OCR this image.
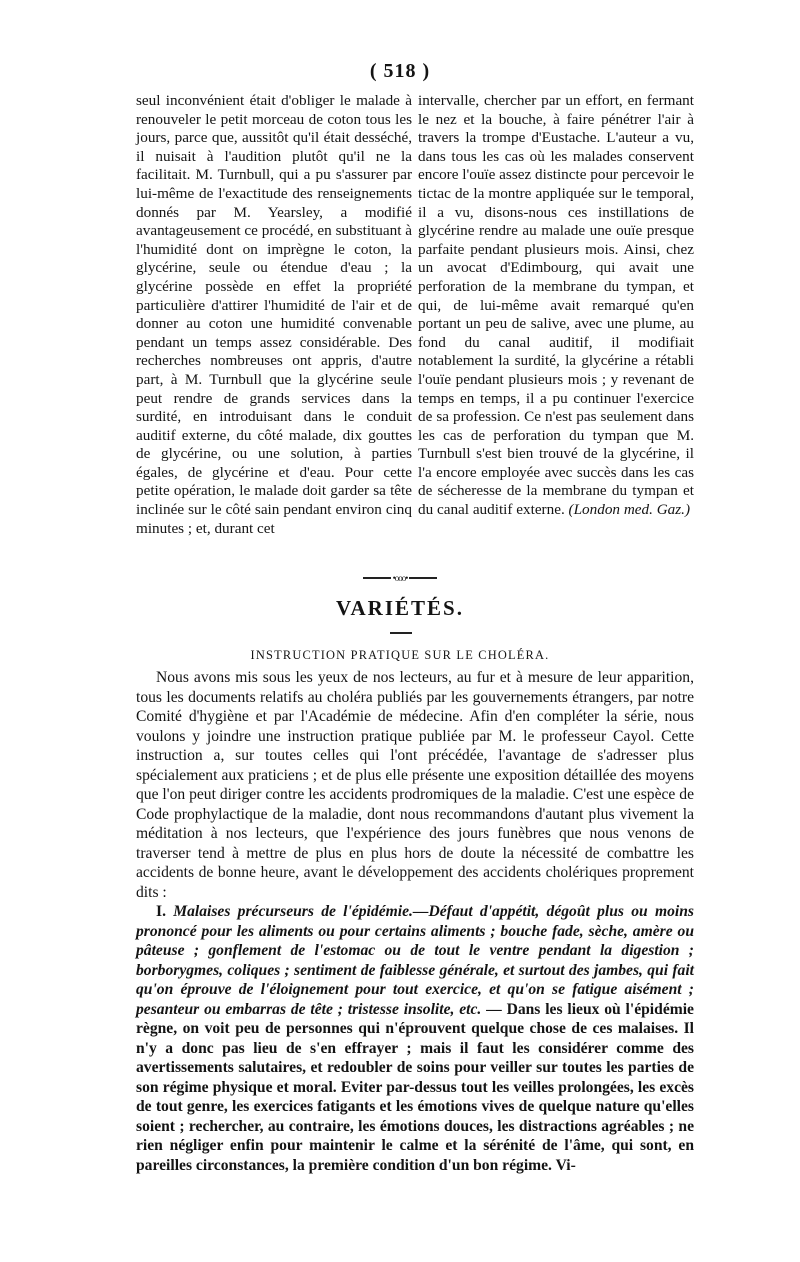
( 518 )

seul inconvénient était d'obliger le malade à renouveler le petit morceau de coton tous les jours, parce que, aussitôt qu'il était desséché, il nuisait à l'audition plutôt qu'il ne la facilitait. M. Turnbull, qui a pu s'assurer par lui-même de l'exactitude des renseignements donnés par M. Yearsley, a modifié avantageusement ce procédé, en substituant à l'humidité dont on imprègne le coton, la glycérine, seule ou étendue d'eau ; la glycérine possède en effet la propriété particulière d'attirer l'humidité de l'air et de donner au coton une humidité convenable pendant un temps assez considérable. Des recherches nombreuses ont appris, d'autre part, à M. Turnbull que la glycérine seule peut rendre de grands services dans la surdité, en introduisant dans le conduit auditif externe, du côté malade, dix gouttes de glycérine, ou une solution, à parties égales, de glycérine et d'eau. Pour cette petite opération, le malade doit garder sa tête inclinée sur le côté sain pendant environ cinq minutes ; et, durant cet

intervalle, chercher par un effort, en fermant le nez et la bouche, à faire pénétrer l'air à travers la trompe d'Eustache. L'auteur a vu, dans tous les cas où les malades conservent encore l'ouïe assez distincte pour percevoir le tictac de la montre appliquée sur le temporal, il a vu, disons-nous ces instillations de glycérine rendre au malade une ouïe presque parfaite pendant plusieurs mois. Ainsi, chez un avocat d'Edimbourg, qui avait une perforation de la membrane du tympan, et qui, de lui-même avait remarqué qu'en portant un peu de salive, avec une plume, au fond du canal auditif, il modifiait notablement la surdité, la glycérine a rétabli l'ouïe pendant plusieurs mois ; y revenant de temps en temps, il a pu continuer l'exercice de sa profession. Ce n'est pas seulement dans les cas de perforation du tympan que M. Turnbull s'est bien trouvé de la glycérine, il l'a encore employée avec succès dans les cas de sécheresse de la membrane du tympan et du canal auditif externe. (London med. Gaz.)

•ooo•
VARIÉTÉS.
INSTRUCTION PRATIQUE SUR LE CHOLÉRA.

Nous avons mis sous les yeux de nos lecteurs, au fur et à mesure de leur apparition, tous les documents relatifs au choléra publiés par les gouvernements étrangers, par notre Comité d'hygiène et par l'Académie de médecine. Afin d'en compléter la série, nous voulons y joindre une instruction pratique publiée par M. le professeur Cayol. Cette instruction a, sur toutes celles qui l'ont précédée, l'avantage de s'adresser plus spécialement aux praticiens ; et de plus elle présente une exposition détaillée des moyens que l'on peut diriger contre les accidents prodromiques de la maladie. C'est une espèce de Code prophylactique de la maladie, dont nous recommandons d'autant plus vivement la méditation à nos lecteurs, que l'expérience des jours funèbres que nous venons de traverser tend à mettre de plus en plus hors de doute la nécessité de combattre les accidents de bonne heure, avant le développement des accidents cholériques proprement dits :

I. Malaises précurseurs de l'épidémie.—Défaut d'appétit, dégoût plus ou moins prononcé pour les aliments ou pour certains aliments ; bouche fade, sèche, amère ou pâteuse ; gonflement de l'estomac ou de tout le ventre pendant la digestion ; borborygmes, coliques ; sentiment de faiblesse générale, et surtout des jambes, qui fait qu'on éprouve de l'éloignement pour tout exercice, et qu'on se fatigue aisément ; pesanteur ou embarras de tête ; tristesse insolite, etc. — Dans les lieux où l'épidémie règne, on voit peu de personnes qui n'éprouvent quelque chose de ces malaises. Il n'y a donc pas lieu de s'en effrayer ; mais il faut les considérer comme des avertissements salutaires, et redoubler de soins pour veiller sur toutes les parties de son régime physique et moral. Eviter par-dessus tout les veilles prolongées, les excès de tout genre, les exercices fatigants et les émotions vives de quelque nature qu'elles soient ; rechercher, au contraire, les émotions douces, les distractions agréables ; ne rien négliger enfin pour maintenir le calme et la sérénité de l'âme, qui sont, en pareilles circonstances, la première condition d'un bon régime. Vi-
